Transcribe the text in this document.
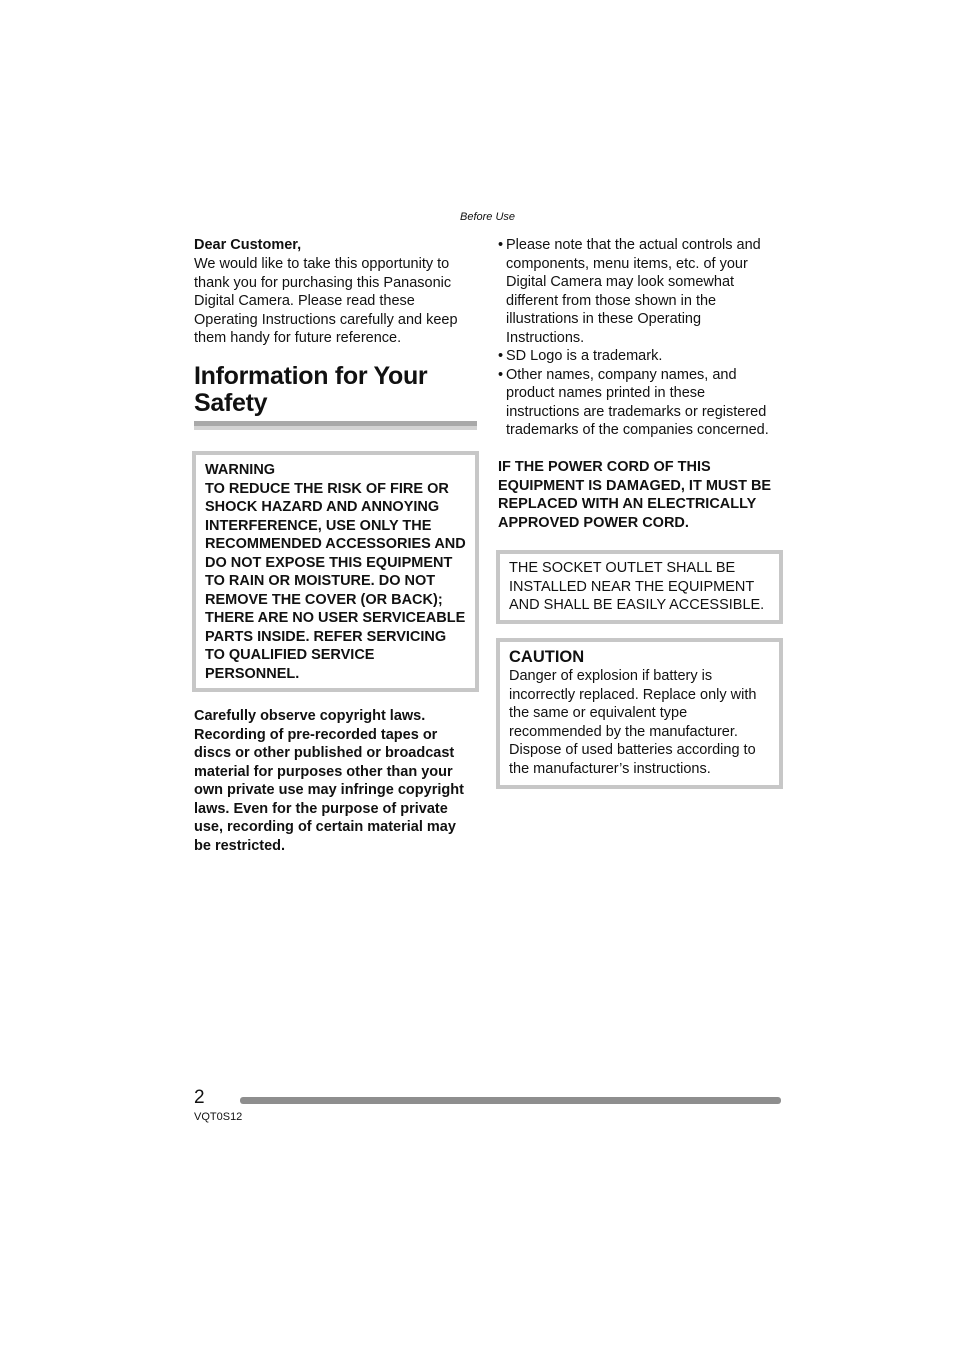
Before Use
Dear Customer,
We would like to take this opportunity to thank you for purchasing this Panasonic Digital Camera. Please read these Operating Instructions carefully and keep them handy for future reference.
Information for Your Safety

WARNING

TO REDUCE THE RISK OF FIRE OR SHOCK HAZARD AND ANNOYING INTERFERENCE, USE ONLY THE RECOMMENDED ACCESSORIES AND DO NOT EXPOSE THIS EQUIPMENT TO RAIN OR MOISTURE. DO NOT REMOVE THE COVER (OR BACK); THERE ARE NO USER SERVICEABLE PARTS INSIDE. REFER SERVICING TO QUALIFIED SERVICE PERSONNEL.

Carefully observe copyright laws. Recording of pre-recorded tapes or discs or other published or broadcast material for purposes other than your own private use may infringe copyright laws. Even for the purpose of private use, recording of certain material may be restricted.
• Please note that the actual controls and components, menu items, etc. of your Digital Camera may look somewhat different from those shown in the illustrations in these Operating Instructions.
• SD Logo is a trademark.
• Other names, company names, and product names printed in these instructions are trademarks or registered trademarks of the companies concerned.
IF THE POWER CORD OF THIS EQUIPMENT IS DAMAGED, IT MUST BE REPLACED WITH AN ELECTRICALLY APPROVED POWER CORD.
THE SOCKET OUTLET SHALL BE INSTALLED NEAR THE EQUIPMENT AND SHALL BE EASILY ACCESSIBLE.
CAUTION
Danger of explosion if battery is incorrectly replaced. Replace only with the same or equivalent type recommended by the manufacturer. Dispose of used batteries according to the manufacturer’s instructions.
2
VQT0S12
